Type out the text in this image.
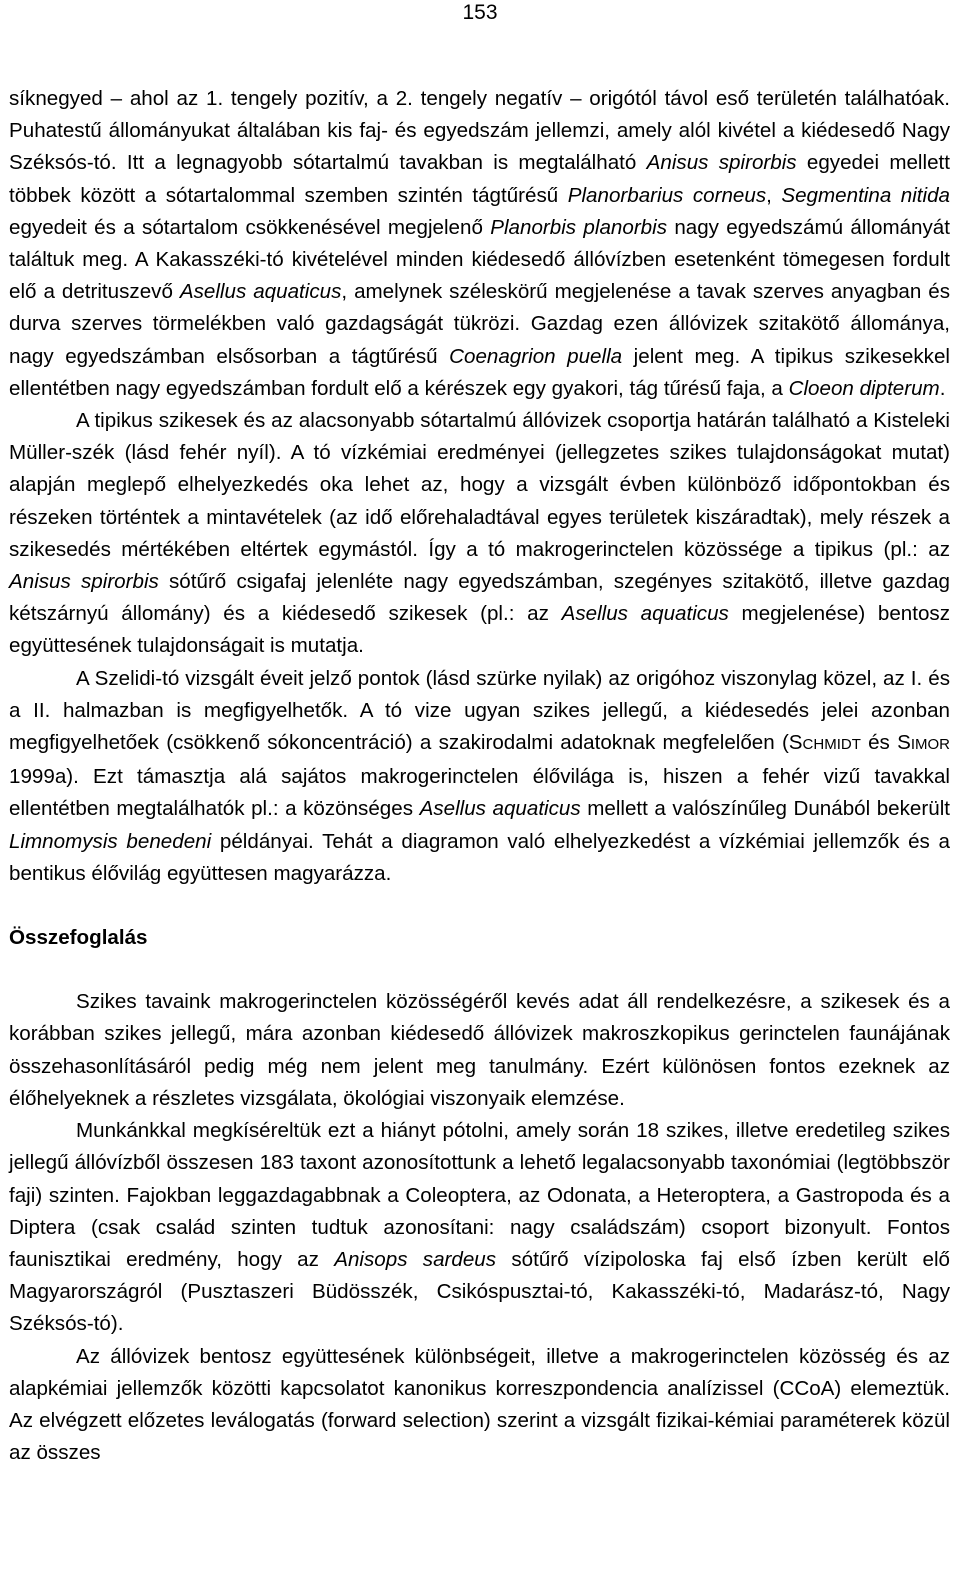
153

síknegyed – ahol az 1. tengely pozitív, a 2. tengely negatív – origótól távol eső területén találhatóak. Puhatestű állományukat általában kis faj- és egyedszám jellemzi, amely alól kivétel a kiédesedő Nagy Széksós-tó. Itt a legnagyobb sótartalmú tavakban is megtalálható Anisus spirorbis egyedei mellett többek között a sótartalommal szemben szintén tágtűrésű Planorbarius corneus, Segmentina nitida egyedeit és a sótartalom csökkenésével megjelenő Planorbis planorbis nagy egyedszámú állományát találtuk meg. A Kakasszéki-tó kivételével minden kiédesedő állóvízben esetenként tömegesen fordult elő a detrituszevő Asellus aquaticus, amelynek széleskörű megjelenése a tavak szerves anyagban és durva szerves törmelékben való gazdagságát tükrözi. Gazdag ezen állóvizek szitakötő állománya, nagy egyedszámban elsősorban a tágtűrésű Coenagrion puella jelent meg. A tipikus szikesekkel ellentétben nagy egyedszámban fordult elő a kérészek egy gyakori, tág tűrésű faja, a Cloeon dipterum.

A tipikus szikesek és az alacsonyabb sótartalmú állóvizek csoportja határán található a Kisteleki Müller-szék (lásd fehér nyíl). A tó vízkémiai eredményei (jellegzetes szikes tulajdonságokat mutat) alapján meglepő elhelyezkedés oka lehet az, hogy a vizsgált évben különböző időpontokban és részeken történtek a mintavételek (az idő előrehaladtával egyes területek kiszáradtak), mely részek a szikesedés mértékében eltértek egymástól. Így a tó makrogerinctelen közössége a tipikus (pl.: az Anisus spirorbis sótűrő csigafaj jelenléte nagy egyedszámban, szegényes szitakötő, illetve gazdag kétszárnyú állomány) és a kiédesedő szikesek (pl.: az Asellus aquaticus megjelenése) bentosz együttesének tulajdonságait is mutatja.

A Szelidi-tó vizsgált éveit jelző pontok (lásd szürke nyilak) az origóhoz viszonylag közel, az I. és a II. halmazban is megfigyelhetők. A tó vize ugyan szikes jellegű, a kiédesedés jelei azonban megfigyelhetőek (csökkenő sókoncentráció) a szakirodalmi adatoknak megfelelően (SCHMIDT és SIMOR 1999a). Ezt támasztja alá sajátos makrogerinctelen élővilága is, hiszen a fehér vizű tavakkal ellentétben megtalálhatók pl.: a közönséges Asellus aquaticus mellett a valószínűleg Dunából bekerült Limnomysis benedeni példányai. Tehát a diagramon való elhelyezkedést a vízkémiai jellemzők és a bentikus élővilág együttesen magyarázza.

Összefoglalás

Szikes tavaink makrogerinctelen közösségéről kevés adat áll rendelkezésre, a szikesek és a korábban szikes jellegű, mára azonban kiédesedő állóvizek makroszkopikus gerinctelen faunájának összehasonlításáról pedig még nem jelent meg tanulmány. Ezért különösen fontos ezeknek az élőhelyeknek a részletes vizsgálata, ökológiai viszonyaik elemzése.

Munkánkkal megkíséreltük ezt a hiányt pótolni, amely során 18 szikes, illetve eredetileg szikes jellegű állóvízből összesen 183 taxont azonosítottunk a lehető legalacsonyabb taxonómiai (legtöbbször faji) szinten. Fajokban leggazdagabbnak a Coleoptera, az Odonata, a Heteroptera, a Gastropoda és a Diptera (csak család szinten tudtuk azonosítani: nagy családszám) csoport bizonyult. Fontos faunisztikai eredmény, hogy az Anisops sardeus sótűrő vízipoloska faj első ízben került elő Magyarországról (Pusztaszeri Büdösszék, Csikóspusztai-tó, Kakasszéki-tó, Madarász-tó, Nagy Széksós-tó).

Az állóvizek bentosz együttesének különbségeit, illetve a makrogerinctelen közösség és az alapkémiai jellemzők közötti kapcsolatot kanonikus korreszpondencia analízissel (CCoA) elemeztük. Az elvégzett előzetes leválogatás (forward selection) szerint a vizsgált fizikai-kémiai paraméterek közül az összes
